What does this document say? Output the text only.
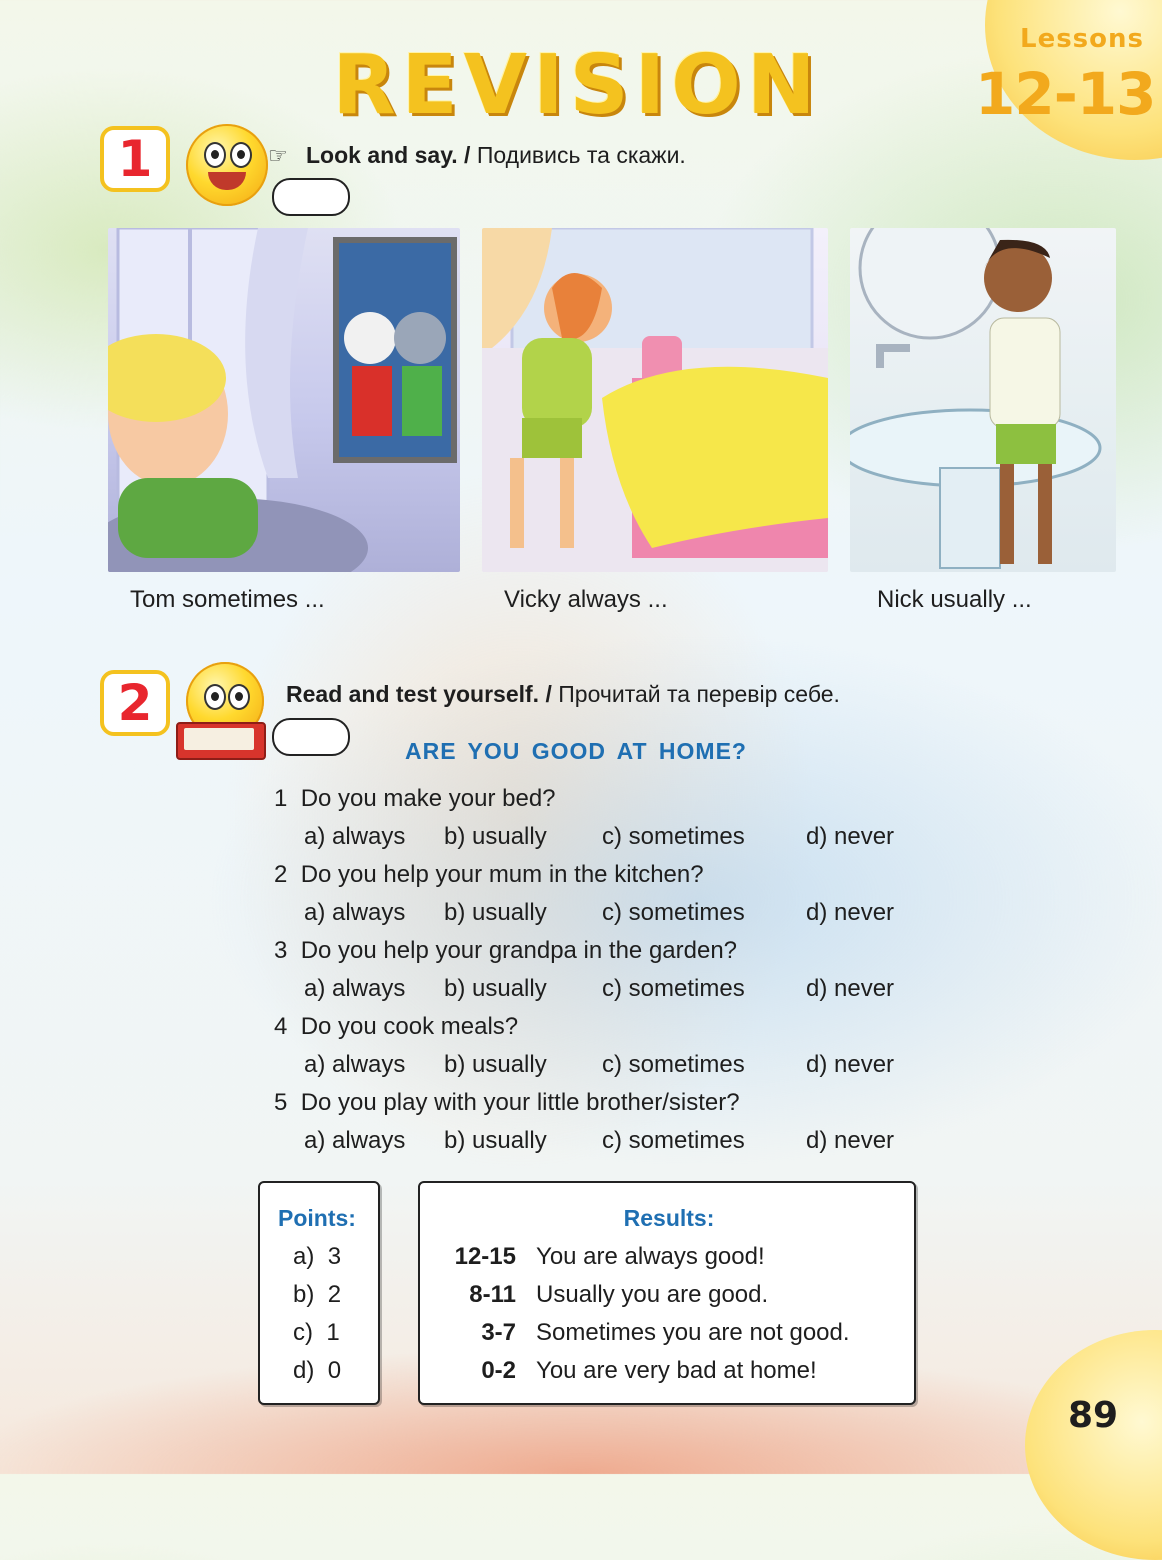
Lessons
12-13
REVISION
1	☞ Look and say. / Подивись та скажи.
Tom sometimes ...	Vicky always ...	Nick usually ...
2	Read and test yourself. / Прочитай та перевір себе.
ARE YOU GOOD AT HOME?
1 Do you make your bed?
2 Do you help your mum in the kitchen?
3 Do you help your grandpa in the garden?
4 Do you cook meals?
5 Do you play with your little brother/sister?
a) always b) usually c) sometimes	d) never
a) always b) usually c) sometimes	d) never
a) always b) usually c) sometimes	d) never
a) always b) usually c) sometimes	d) never
a) always b) usually c) sometimes	d) never
Points:
a) 3
b) 2
c) 1
d) 0
Results:
12-15 You are always good!
8-11 Usually you are good.
3-7 Sometimes you are not good.
0-2 You are very bad at home!
89
